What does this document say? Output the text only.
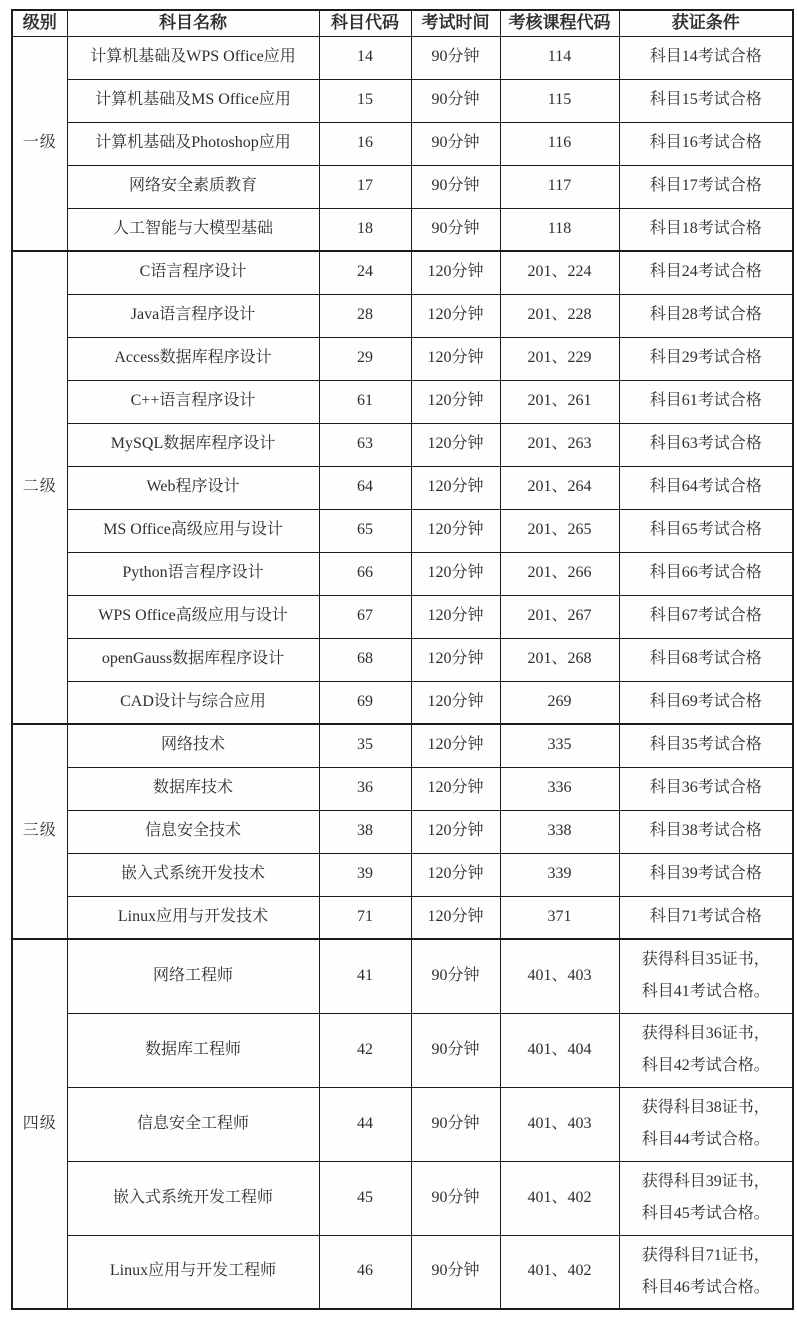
级别	科目名称	科目代码	考试时间	考核课程代码	获证条件
一级	计算机基础及WPS Office应用	14	90分钟	114	科目14考试合格
	计算机基础及MS Office应用	15	90分钟	115	科目15考试合格
	计算机基础及Photoshop应用	16	90分钟	116	科目16考试合格
	网络安全素质教育	17	90分钟	117	科目17考试合格
	人工智能与大模型基础	18	90分钟	118	科目18考试合格
二级	C语言程序设计	24	120分钟	201、224	科目24考试合格
	Java语言程序设计	28	120分钟	201、228	科目28考试合格
	Access数据库程序设计	29	120分钟	201、229	科目29考试合格
	C++语言程序设计	61	120分钟	201、261	科目61考试合格
	MySQL数据库程序设计	63	120分钟	201、263	科目63考试合格
	Web程序设计	64	120分钟	201、264	科目64考试合格
	MS Office高级应用与设计	65	120分钟	201、265	科目65考试合格
	Python语言程序设计	66	120分钟	201、266	科目66考试合格
	WPS Office高级应用与设计	67	120分钟	201、267	科目67考试合格
	openGauss数据库程序设计	68	120分钟	201、268	科目68考试合格
	CAD设计与综合应用	69	120分钟	269	科目69考试合格
三级	网络技术	35	120分钟	335	科目35考试合格
	数据库技术	36	120分钟	336	科目36考试合格
	信息安全技术	38	120分钟	338	科目38考试合格
	嵌入式系统开发技术	39	120分钟	339	科目39考试合格
	Linux应用与开发技术	71	120分钟	371	科目71考试合格
四级	网络工程师	41	90分钟	401、403	获得科目35证书，
科目41考试合格。

	数据库工程师	42	90分钟	401、404	获得科目36证书，
科目42考试合格。

	信息安全工程师	44	90分钟	401、403	获得科目38证书，
科目44考试合格。

	嵌入式系统开发工程师	45	90分钟	401、402	获得科目39证书，
科目45考试合格。

	Linux应用与开发工程师	46	90分钟	401、402	获得科目71证书，
科目46考试合格。
